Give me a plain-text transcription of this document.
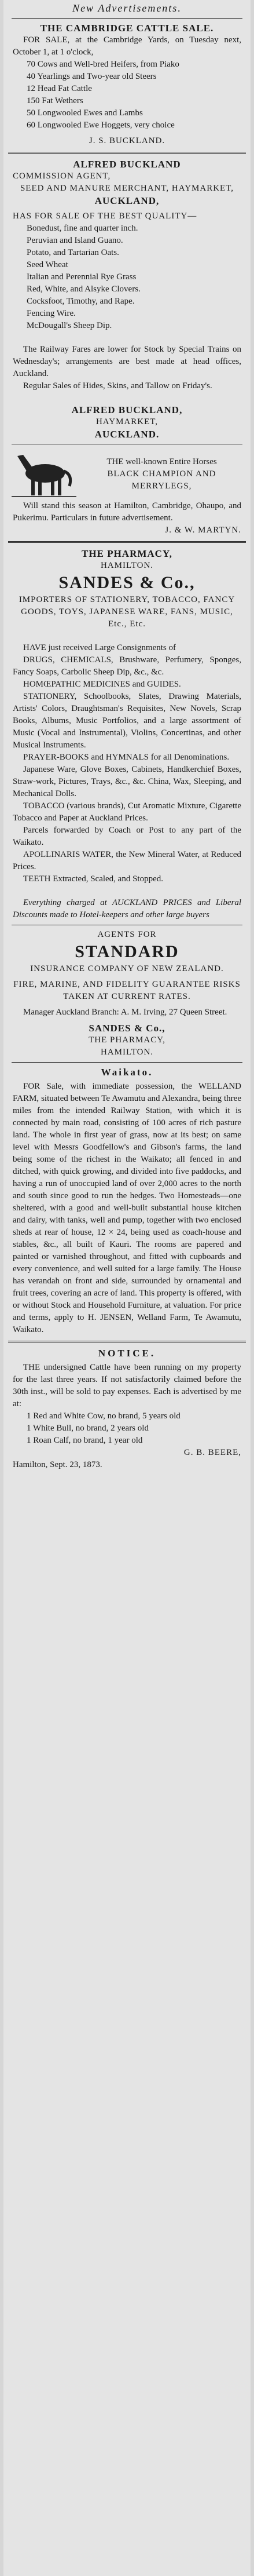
New Advertisements.
THE CAMBRIDGE CATTLE SALE.
FOR SALE, at the Cambridge Yards, on Tuesday next, October 1, at 1 o'clock,
70 Cows and Well-bred Heifers, from Piako
40 Yearlings and Two-year old Steers
12 Head Fat Cattle
150 Fat Wethers
50 Longwooled Ewes and Lambs
60 Longwooled Ewe Hoggets, very choice
J. S. BUCKLAND.
ALFRED BUCKLAND
COMMISSION AGENT,
SEED AND MANURE MERCHANT, HAYMARKET,
AUCKLAND,
HAS FOR SALE OF THE BEST QUALITY—
Bonedust, fine and quarter inch.
Peruvian and Island Guano.
Potato, and Tartarian Oats.
Seed Wheat
Italian and Perennial Rye Grass
Red, White, and Alsyke Clovers.
Cocksfoot, Timothy, and Rape.
Fencing Wire.
McDougall's Sheep Dip.
The Railway Fares are lower for Stock by Special Trains on Wednesday's; arrangements are best made at head offices, Auckland.
Regular Sales of Hides, Skins, and Tallow on Friday's.
ALFRED BUCKLAND,
HAYMARKET,
AUCKLAND.
THE well-known Entire Horses
BLACK CHAMPION AND MERRYLEGS,
Will stand this season at Hamilton, Cambridge, Ohaupo, and Pukerimu. Particulars in future advertisement.
J. & W. MARTYN.
THE PHARMACY,
HAMILTON.
SANDES & Co.,
IMPORTERS OF STATIONERY, TOBACCO, FANCY GOODS, TOYS, JAPANESE WARE, FANS, MUSIC, Etc., Etc.
HAVE just received Large Consignments of
DRUGS, CHEMICALS, Brushware, Perfumery, Sponges, Fancy Soaps, Carbolic Sheep Dip, &c., &c.
HOMŒPATHIC MEDICINES and GUIDES.
STATIONERY, Schoolbooks, Slates, Drawing Materials, Artists' Colors, Draughtsman's Requisites, New Novels, Scrap Books, Albums, Music Portfolios, and a large assortment of Music (Vocal and Instrumental), Violins, Concertinas, and other Musical Instruments.
PRAYER-BOOKS and HYMNALS for all Denominations.
Japanese Ware, Glove Boxes, Cabinets, Handkerchief Boxes, Straw-work, Pictures, Trays, &c., &c. China, Wax, Sleeping, and Mechanical Dolls.
TOBACCO (various brands), Cut Aromatic Mixture, Cigarette Tobacco and Paper at Auckland Prices.
Parcels forwarded by Coach or Post to any part of the Waikato.
APOLLINARIS WATER, the New Mineral Water, at Reduced Prices.
TEETH Extracted, Scaled, and Stopped.
Everything charged at AUCKLAND PRICES and Liberal Discounts made to Hotel-keepers and other large buyers
AGENTS FOR
STANDARD
INSURANCE COMPANY OF NEW ZEALAND.
FIRE, MARINE, AND FIDELITY GUARANTEE RISKS TAKEN AT CURRENT RATES.
Manager Auckland Branch: A. M. Irving, 27 Queen Street.
SANDES & Co.,
THE PHARMACY,
HAMILTON.
Waikato.
FOR Sale, with immediate possession, the WELLAND FARM, situated between Te Awamutu and Alexandra, being three miles from the intended Railway Station, with which it is connected by main road, consisting of 100 acres of rich pasture land. The whole in first year of grass, now at its best; on same level with Messrs Goodfellow's and Gibson's farms, the land being some of the richest in the Waikato; all fenced in and ditched, with quick growing, and divided into five paddocks, and having a run of unoccupied land of over 2,000 acres to the north and south since good to run the hedges. Two Homesteads—one sheltered, with a good and well-built substantial house kitchen and dairy, with tanks, well and pump, together with two enclosed sheds at rear of house, 12 × 24, being used as coach-house and stables, &c., all built of Kauri. The rooms are papered and painted or varnished throughout, and fitted with cupboards and every convenience, and well suited for a large family. The House has verandah on front and side, surrounded by ornamental and fruit trees, covering an acre of land. This property is offered, with or without Stock and Household Furniture, at valuation. For price and terms, apply to H. JENSEN, Welland Farm, Te Awamutu, Waikato.
NOTICE.
THE undersigned Cattle have been running on my property for the last three years. If not satisfactorily claimed before the 30th inst., will be sold to pay expenses. Each is advertised by me at:
1 Red and White Cow, no brand, 5 years old
1 White Bull, no brand, 2 years old
1 Roan Calf, no brand, 1 year old
G. B. BEERE,
Hamilton, Sept. 23, 1873.
